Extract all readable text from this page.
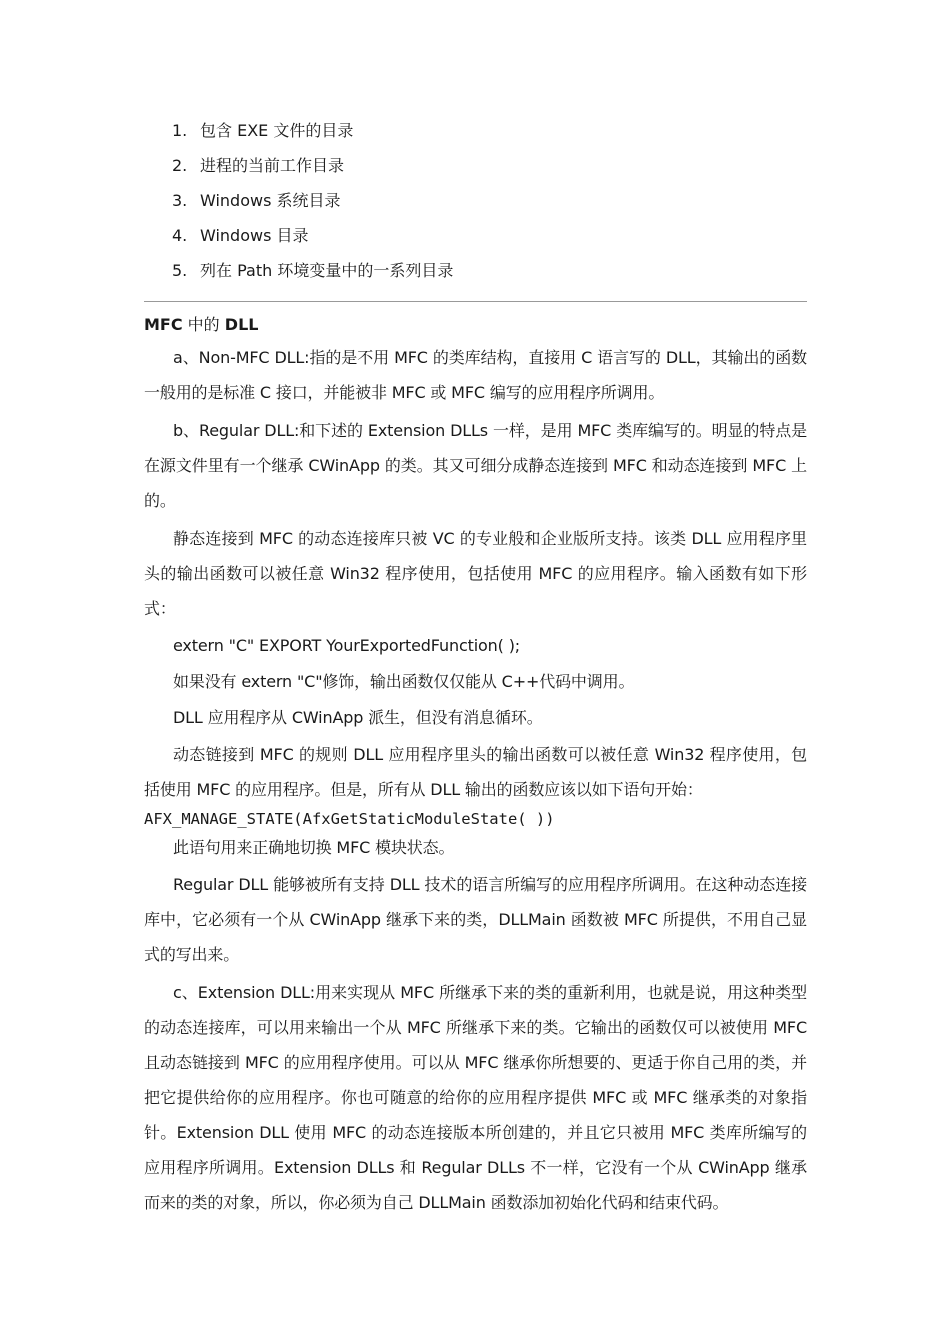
1. 包含 EXE 文件的目录
2. 进程的当前工作目录
3. Windows 系统目录
4. Windows 目录
5. 列在 Path 环境变量中的一系列目录

MFC 中的 DLL

a、Non-MFC DLL:指的是不用 MFC 的类库结构，直接用 C 语言写的 DLL，其输出的函数一般用的是标准 C 接口，并能被非 MFC 或 MFC 编写的应用程序所调用。

b、Regular DLL:和下述的 Extension DLLs 一样，是用 MFC 类库编写的。明显的特点是在源文件里有一个继承 CWinApp 的类。其又可细分成静态连接到 MFC 和动态连接到 MFC 上的。

静态连接到 MFC 的动态连接库只被 VC 的专业般和企业版所支持。该类 DLL 应用程序里头的输出函数可以被任意 Win32 程序使用，包括使用 MFC 的应用程序。输入函数有如下形式：

extern "C" EXPORT YourExportedFunction( );

如果没有 extern "C"修饰，输出函数仅仅能从 C++代码中调用。

DLL 应用程序从 CWinApp 派生，但没有消息循环。

动态链接到 MFC 的规则 DLL 应用程序里头的输出函数可以被任意 Win32 程序使用，包括使用 MFC 的应用程序。但是，所有从 DLL 输出的函数应该以如下语句开始：

AFX_MANAGE_STATE(AfxGetStaticModuleState( ))

此语句用来正确地切换 MFC 模块状态。

Regular DLL 能够被所有支持 DLL 技术的语言所编写的应用程序所调用。在这种动态连接库中，它必须有一个从 CWinApp 继承下来的类，DLLMain 函数被 MFC 所提供，不用自己显式的写出来。

c、Extension DLL:用来实现从 MFC 所继承下来的类的重新利用，也就是说，用这种类型的动态连接库，可以用来输出一个从 MFC 所继承下来的类。它输出的函数仅可以被使用 MFC 且动态链接到 MFC 的应用程序使用。可以从 MFC 继承你所想要的、更适于你自己用的类，并把它提供给你的应用程序。你也可随意的给你的应用程序提供 MFC 或 MFC 继承类的对象指针。Extension DLL 使用 MFC 的动态连接版本所创建的，并且它只被用 MFC 类库所编写的应用程序所调用。Extension DLLs 和 Regular DLLs 不一样，它没有一个从 CWinApp 继承而来的类的对象，所以，你必须为自己 DLLMain 函数添加初始化代码和结束代码。
